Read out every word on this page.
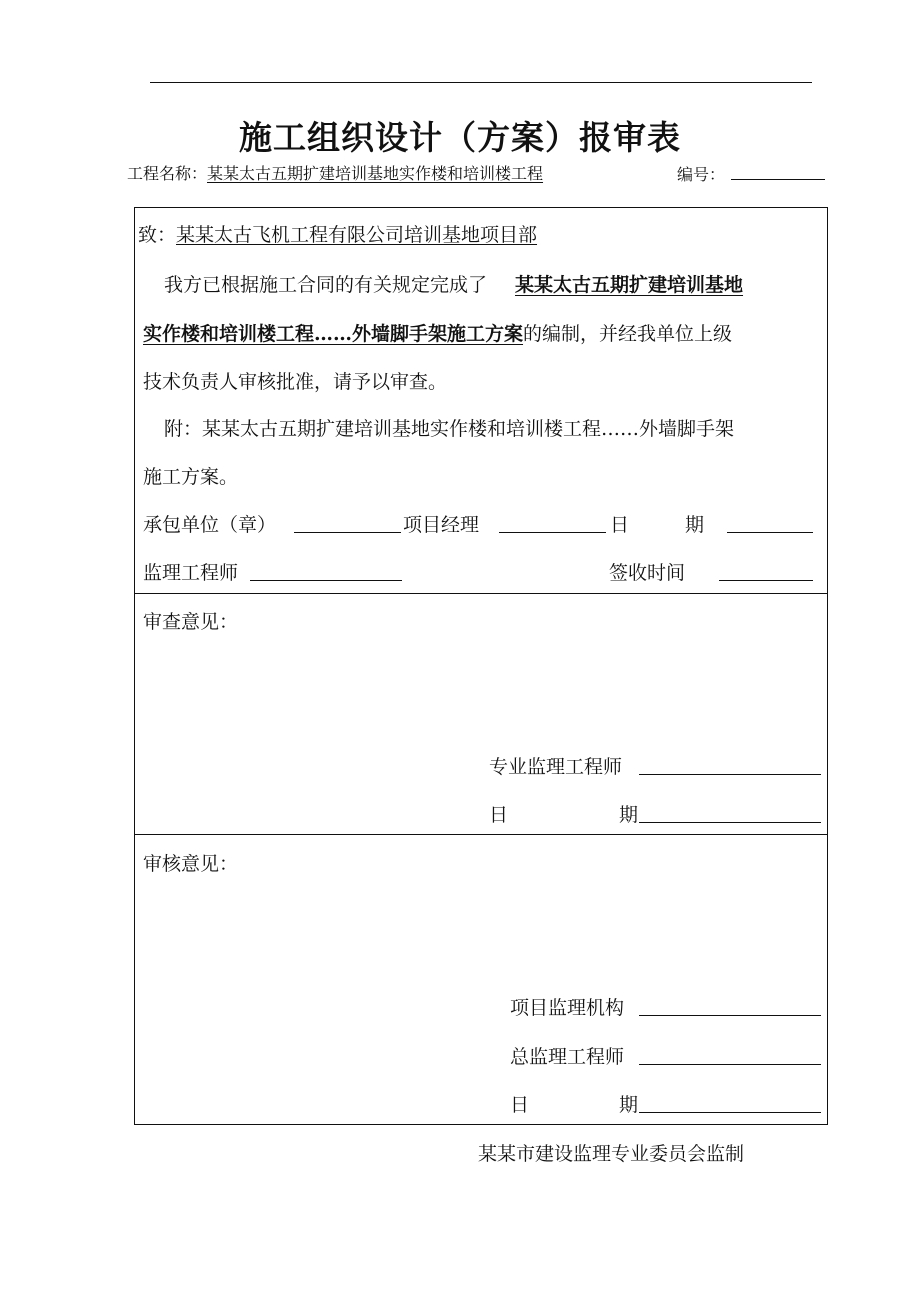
施工组织设计（方案）报审表
工程名称：某某太古五期扩建培训基地实作楼和培训楼工程	编号：
致：某某太古飞机工程有限公司培训基地项目部
我方已根据施工合同的有关规定完成了 某某太古五期扩建培训基地
实作楼和培训楼工程……外墙脚手架施工方案的编制，并经我单位上级
技术负责人审核批准，请予以审查。
附：某某太古五期扩建培训基地实作楼和培训楼工程……外墙脚手架
施工方案。
承包单位（章）	项目经理	日	期
监理工程师	签收时间
审查意见：
专业监理工程师
日	期
审核意见：
项目监理机构
总监理工程师
日	期
某某市建设监理专业委员会监制
